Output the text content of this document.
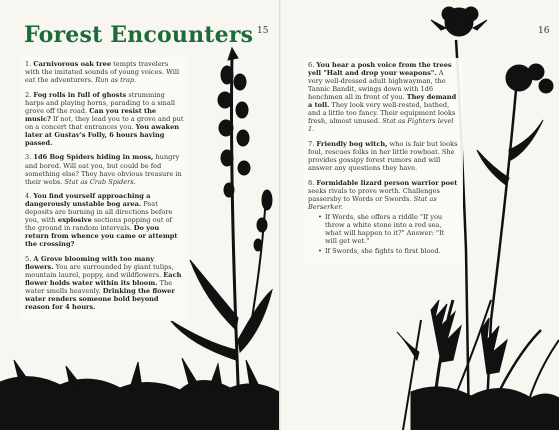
Forest Encounters 15
1. Carnivorous oak tree tempts travelers with the imitated sounds of young voices. Will eat the adventurers. Run as trap.
2. Fog rolls in full of ghosts strumming harps and playing horns, parading to a small grove off the road. Can you resist the music? If not, they lead you to a grove and put on a concert that entrances you. You awaken later at Gustav's Folly, 6 hours having passed.
3. 1d6 Bog Spiders hiding in moss, hungry and bored. Will eat you, but could be fed something else? They have obvious treasure in their webs. Stat as Crab Spiders.
4. You find yourself approaching a dangerously unstable bog area. Peat deposits are burning in all directions before you, with explosive sections popping out of the ground in random intervals. Do you return from whence you came or attempt the crossing?
5. A Grove blooming with too many flowers. You are surrounded by giant tulips, mountain laurel, poppy, and wildflowers. Each flower holds water within its bloom. The water smells heavenly. Drinking the flower water renders someone bold beyond reason for 4 hours.
16
6. You hear a posh voice from the trees yell "Halt and drop your weapons". A very well-dressed adult highwayman, the Tannic Bandit, swings down with 1d6 henchmen all in front of you. They demand a toll. They look very well-rested, bathed, and a little too fancy. Their equipment looks fresh, almost unused. Stat as Fighters level 1.
7. Friendly bog witch, who is fair but looks foul, rescues folks in her little rowboat. She provides gossipy forest rumors and will answer any questions they have.
8. Formidable lizard person warrior poet seeks rivals to prove worth. Challenges passersby to Words or Swords. Stat as Berserker.
• If Words, she offers a riddle "If you throw a white stone into a red sea, what will happen to it?" Answer: "It will get wet."
• If Swords, she fights to first blood.
